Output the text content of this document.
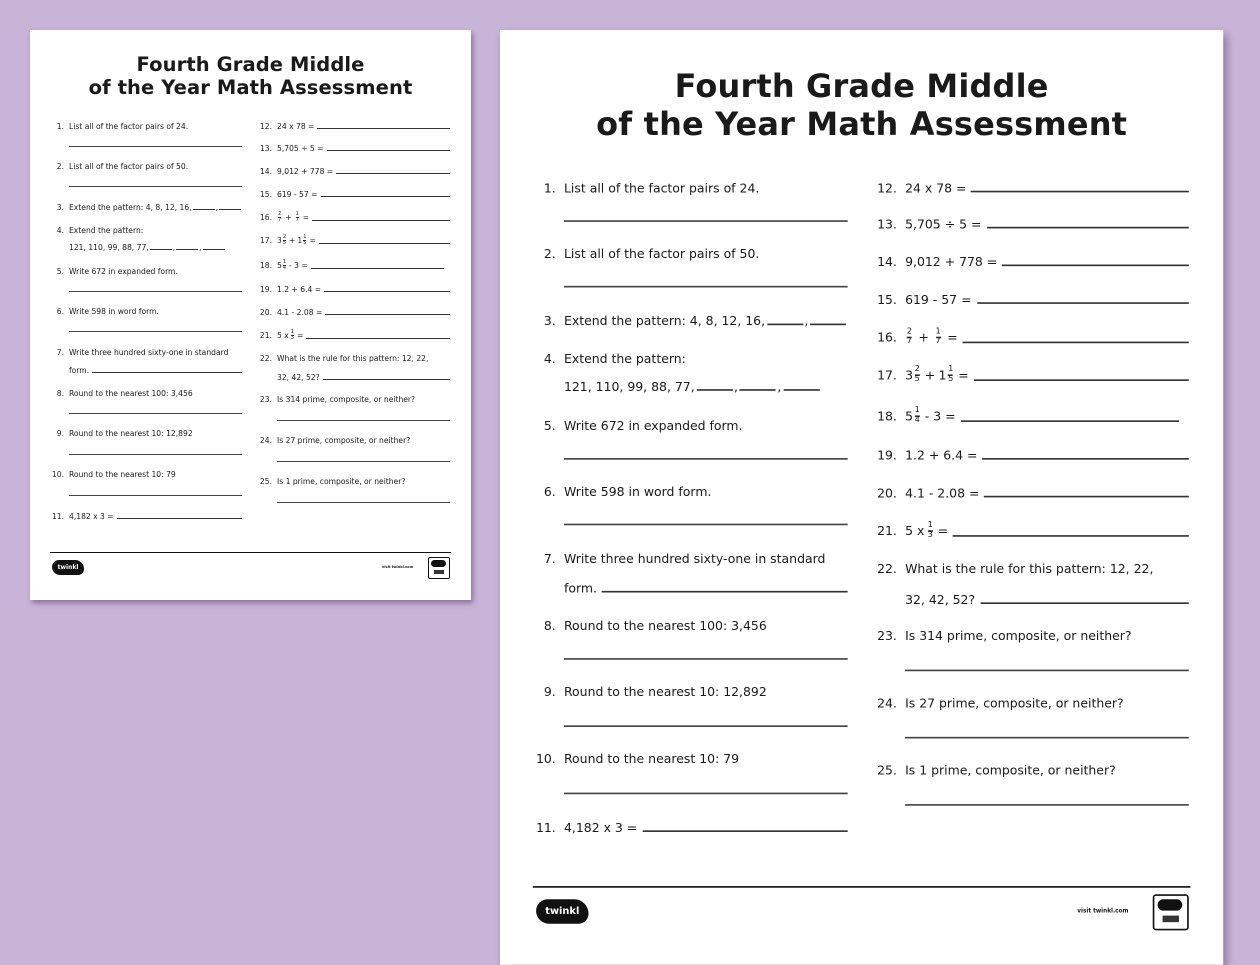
Fourth Grade Middle
of the Year Math Assessment
1. List all of the factor pairs of 24.
2. List all of the factor pairs of 50.
3. Extend the pattern: 4, 8, 12, 16,	,
4. Extend the pattern:
121, 110, 99, 88, 77,	,	,
5. Write 672 in expanded form.
6. Write 598 in word form.
7. Write three hundred sixty-one in standard
form.
8. Round to the nearest 100: 3,456
9. Round to the nearest 10: 12,892
10. Round to the nearest 10: 79
11. 4,182 x 3 =
12. 24 x 78 =
13. 5,705 ÷ 5 =
14. 9,012 + 778 =
15. 619 - 57 =
16. $\frac{2}{7} + \frac{1}{7}$ =
17. $3 \frac{2}{5} + 1 \frac{1}{5}$ =
18. $5 \frac{1}{4} - 3$ =
19. 1.2 + 6.4 =
20. 4.1 - 2.08 =
21. 5 x $\frac{1}{3}$ =
22. What is the rule for this pattern: 12, 22,
32, 42, 52?
23. Is 314 prime, composite, or neither?
24. Is 27 prime, composite, or neither?
25. Is 1 prime, composite, or neither?
twinkl	visit twinkl.com
Fourth Grade Middle
of the Year Math Assessment
1. List all of the factor pairs of 24.
2. List all of the factor pairs of 50.
3. Extend the pattern: 4, 8, 12, 16,	,
4. Extend the pattern:
121, 110, 99, 88, 77,	,	,
5. Write 672 in expanded form.
6. Write 598 in word form.
7. Write three hundred sixty-one in standard
form.
8. Round to the nearest 100: 3,456
9. Round to the nearest 10: 12,892
10. Round to the nearest 10: 79
11. 4,182 x 3 =
12. 24 x 78 =
13. 5,705 ÷ 5 =
14. 9,012 + 778 =
15. 619 - 57 =
16. $\frac{2}{7} + \frac{1}{7}$ =
17. $3 \frac{2}{5} + 1 \frac{1}{5}$ =
18. $5 \frac{1}{4} - 3$ =
19. 1.2 + 6.4 =
20. 4.1 - 2.08 =
21. 5 x $\frac{1}{3}$ =
22. What is the rule for this pattern: 12, 22,
32, 42, 52?
23. Is 314 prime, composite, or neither?
24. Is 27 prime, composite, or neither?
25. Is 1 prime, composite, or neither?
twinkl	visit twinkl.com
